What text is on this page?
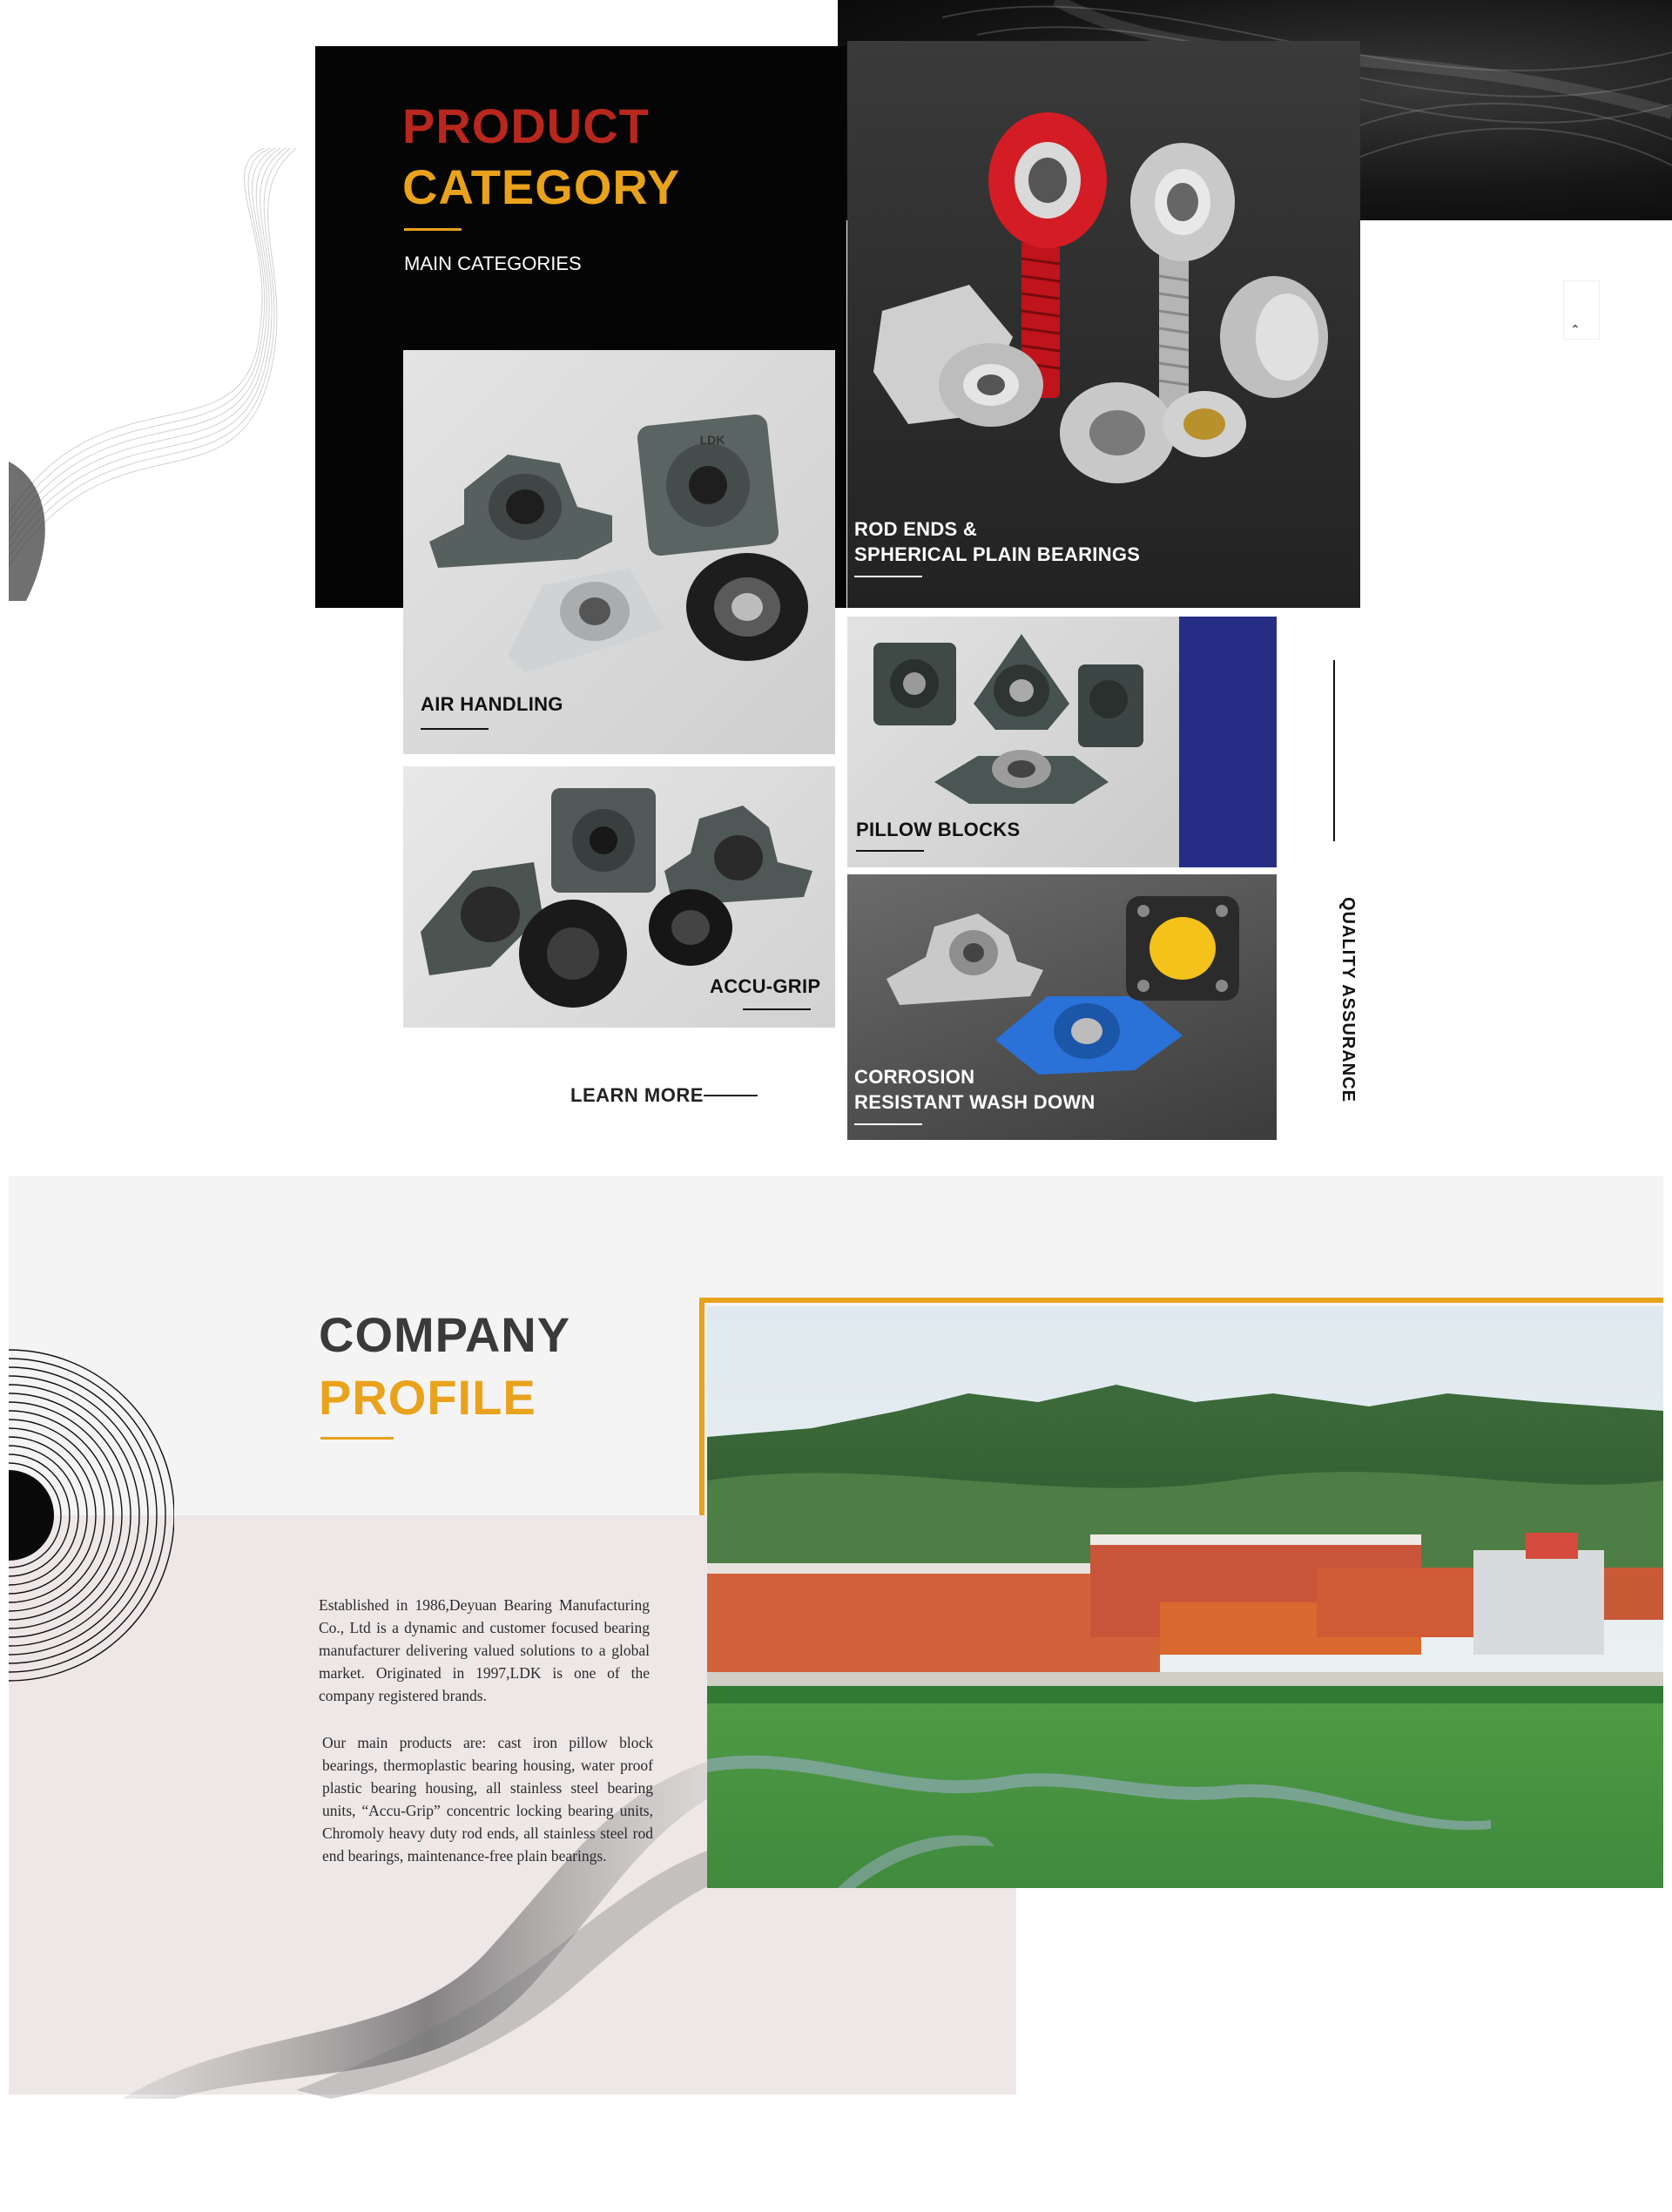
PRODUCT
CATEGORY
MAIN CATEGORIES
ROD ENDS &
SPHERICAL PLAIN BEARINGS
LDK
AIR HANDLING
ACCU-GRIP
PILLOW BLOCKS
CORROSION
RESISTANT WASH DOWN
LEARN MORE	QUALITY ASSURANCE
⌃
COMPANY
PROFILE

Established in 1986,Deyuan Bearing Manufacturing Co., Ltd is a dynamic and customer focused bearing manufacturer delivering valued solutions to a global market. Originated in 1997,LDK is one of the company registered brands.

Our main products are: cast iron pillow block bearings, thermoplastic bearing housing, water proof plastic bearing housing, all stainless steel bearing units, “Accu-Grip” concentric locking bearing units, Chromoly heavy duty rod ends, all stainless steel rod end bearings, maintenance-free plain bearings.
